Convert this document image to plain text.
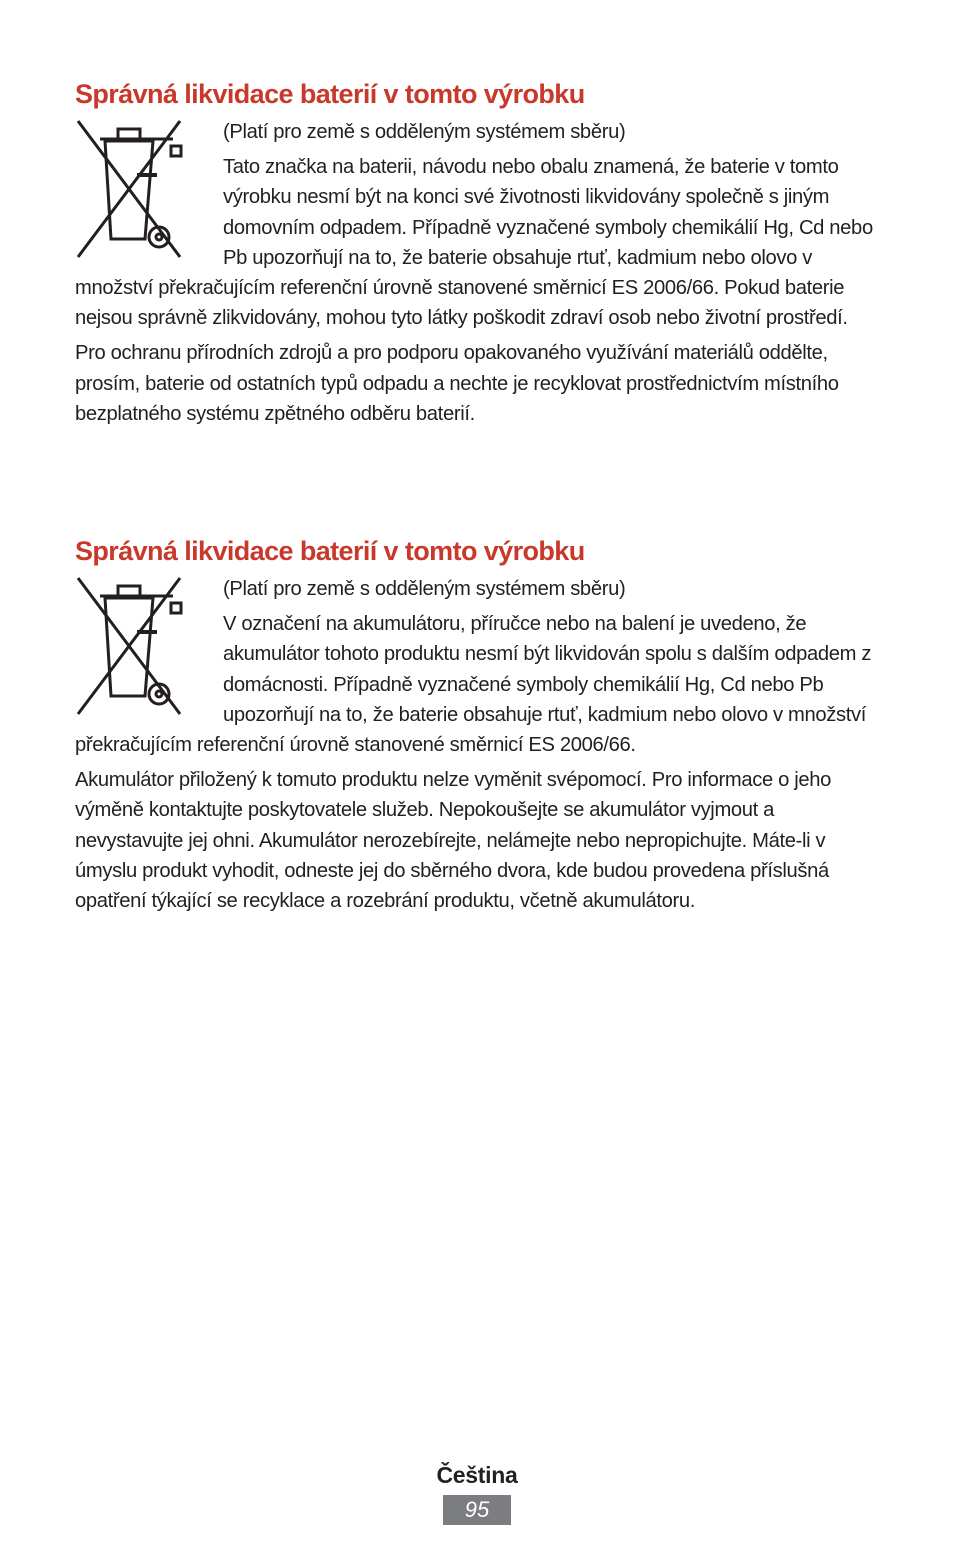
Správná likvidace baterií v tomto výrobku

(Platí pro země s odděleným systémem sběru)

Tato značka na baterii, návodu nebo obalu znamená, že baterie v tomto výrobku nesmí být na konci své životnosti likvidovány společně s jiným domovním odpadem. Případně vyznačené symboly chemikálií Hg, Cd nebo Pb upozorňují na to, že baterie obsahuje rtuť, kadmium nebo olovo v množství překračujícím referenční úrovně stanovené směrnicí ES 2006/66. Pokud baterie nejsou správně zlikvidovány, mohou tyto látky poškodit zdraví osob nebo životní prostředí.

Pro ochranu přírodních zdrojů a pro podporu opakovaného využívání materiálů oddělte, prosím, baterie od ostatních typů odpadu a nechte je recyklovat prostřednictvím místního bezplatného systému zpětného odběru baterií.

Správná likvidace baterií v tomto výrobku

(Platí pro země s odděleným systémem sběru)

V označení na akumulátoru, příručce nebo na balení je uvedeno, že akumulátor tohoto produktu nesmí být likvidován spolu s dalším odpadem z domácnosti. Případně vyznačené symboly chemikálií Hg, Cd nebo Pb upozorňují na to, že baterie obsahuje rtuť, kadmium nebo olovo v množství překračujícím referenční úrovně stanovené směrnicí ES 2006/66.

Akumulátor přiložený k tomuto produktu nelze vyměnit svépomocí. Pro informace o jeho výměně kontaktujte poskytovatele služeb. Nepokoušejte se akumulátor vyjmout a nevystavujte jej ohni. Akumulátor nerozebírejte, nelámejte nebo nepropichujte. Máte-li v úmyslu produkt vyhodit, odneste jej do sběrného dvora, kde budou provedena příslušná opatření týkající se recyklace a rozebrání produktu, včetně akumulátoru.

Čeština
95
